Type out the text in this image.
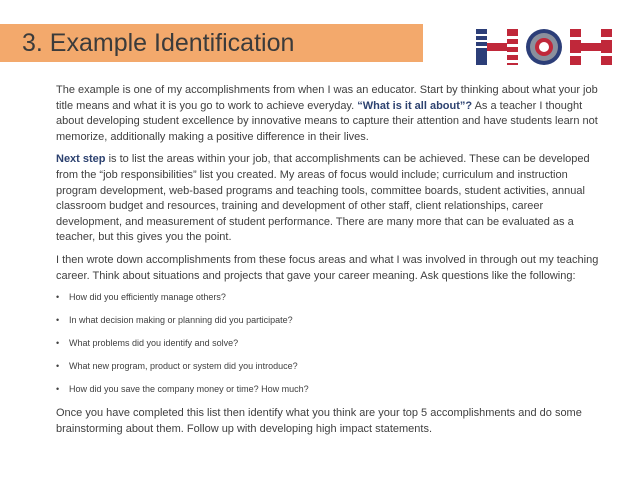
3. Example Identification

The example is one of my accomplishments from when I was an educator. Start by thinking about what your job title means and what it is you go to work to achieve everyday. “What is it all about”? As a teacher I thought about developing student excellence by innovative means to capture their attention and have students learn not memorize, additionally making a positive difference in their lives.

Next step is to list the areas within your job, that accomplishments can be achieved. These can be developed from the “job responsibilities” list you created. My areas of focus would include; curriculum and instruction program development, web-based programs and teaching tools, committee boards, student activities, annual classroom budget and resources, training and development of other staff, client relationships, career development, and measurement of student performance. There are many more that can be evaluated as a teacher, but this gives you the point.

I then wrote down accomplishments from these focus areas and what I was involved in through out my teaching career. Think about situations and projects that gave your career meaning. Ask questions like the following:

• How did you efficiently manage others?
• In what decision making or planning did you participate?
• What problems did you identify and solve?
• What new program, product or system did you introduce?
• How did you save the company money or time? How much?

Once you have completed this list then identify what you think are your top 5 accomplishments and do some brainstorming about them. Follow up with developing high impact statements.
